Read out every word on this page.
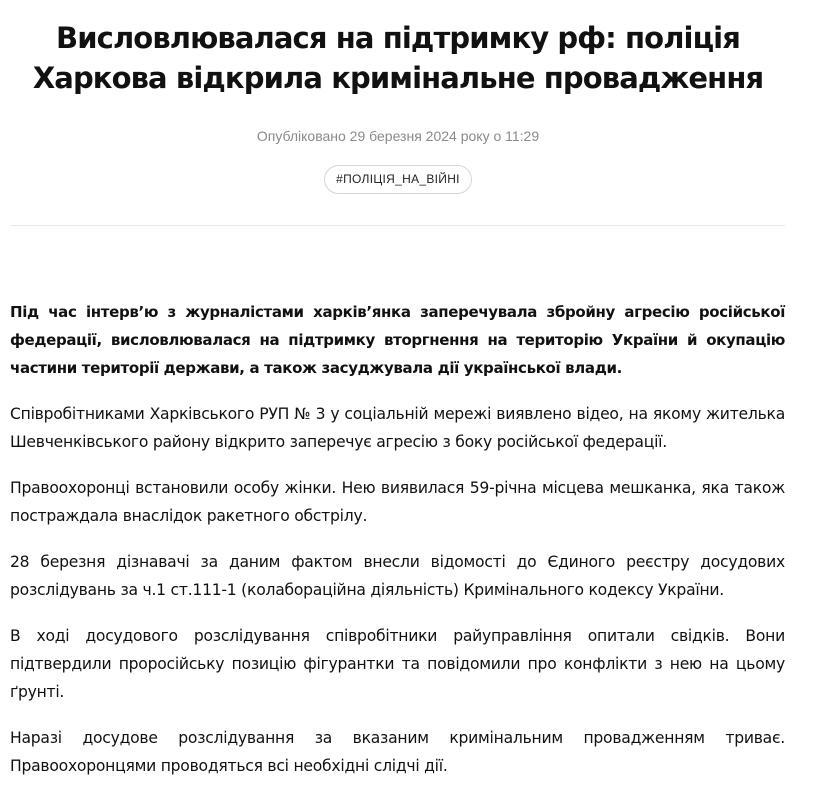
Висловлювалася на підтримку рф: поліція Харкова відкрила кримінальне провадження
Опубліковано 29 березня 2024 року о 11:29
#ПОЛІЦІЯ_НА_ВІЙНІ

Під час інтерв’ю з журналістами харків’янка заперечувала збройну агресію російської федерації, висловлювалася на підтримку вторгнення на територію України й окупацію частини території держави, а також засуджувала дії української влади.

Співробітниками Харківського РУП № 3 у соціальній мережі виявлено відео, на якому жителька Шевченківського району відкрито заперечує агресію з боку російської федерації.

Правоохоронці встановили особу жінки. Нею виявилася 59-річна місцева мешканка, яка також постраждала внаслідок ракетного обстрілу.

28 березня дізнавачі за даним фактом внесли відомості до Єдиного реєстру досудових розслідувань за ч.1 ст.111-1 (колабораційна діяльність) Кримінального кодексу України.

В ході досудового розслідування співробітники райуправління опитали свідків. Вони підтвердили проросійську позицію фігурантки та повідомили про конфлікти з нею на цьому ґрунті.

Наразі досудове розслідування за вказаним кримінальним провадженням триває. Правоохоронцями проводяться всі необхідні слідчі дії.
